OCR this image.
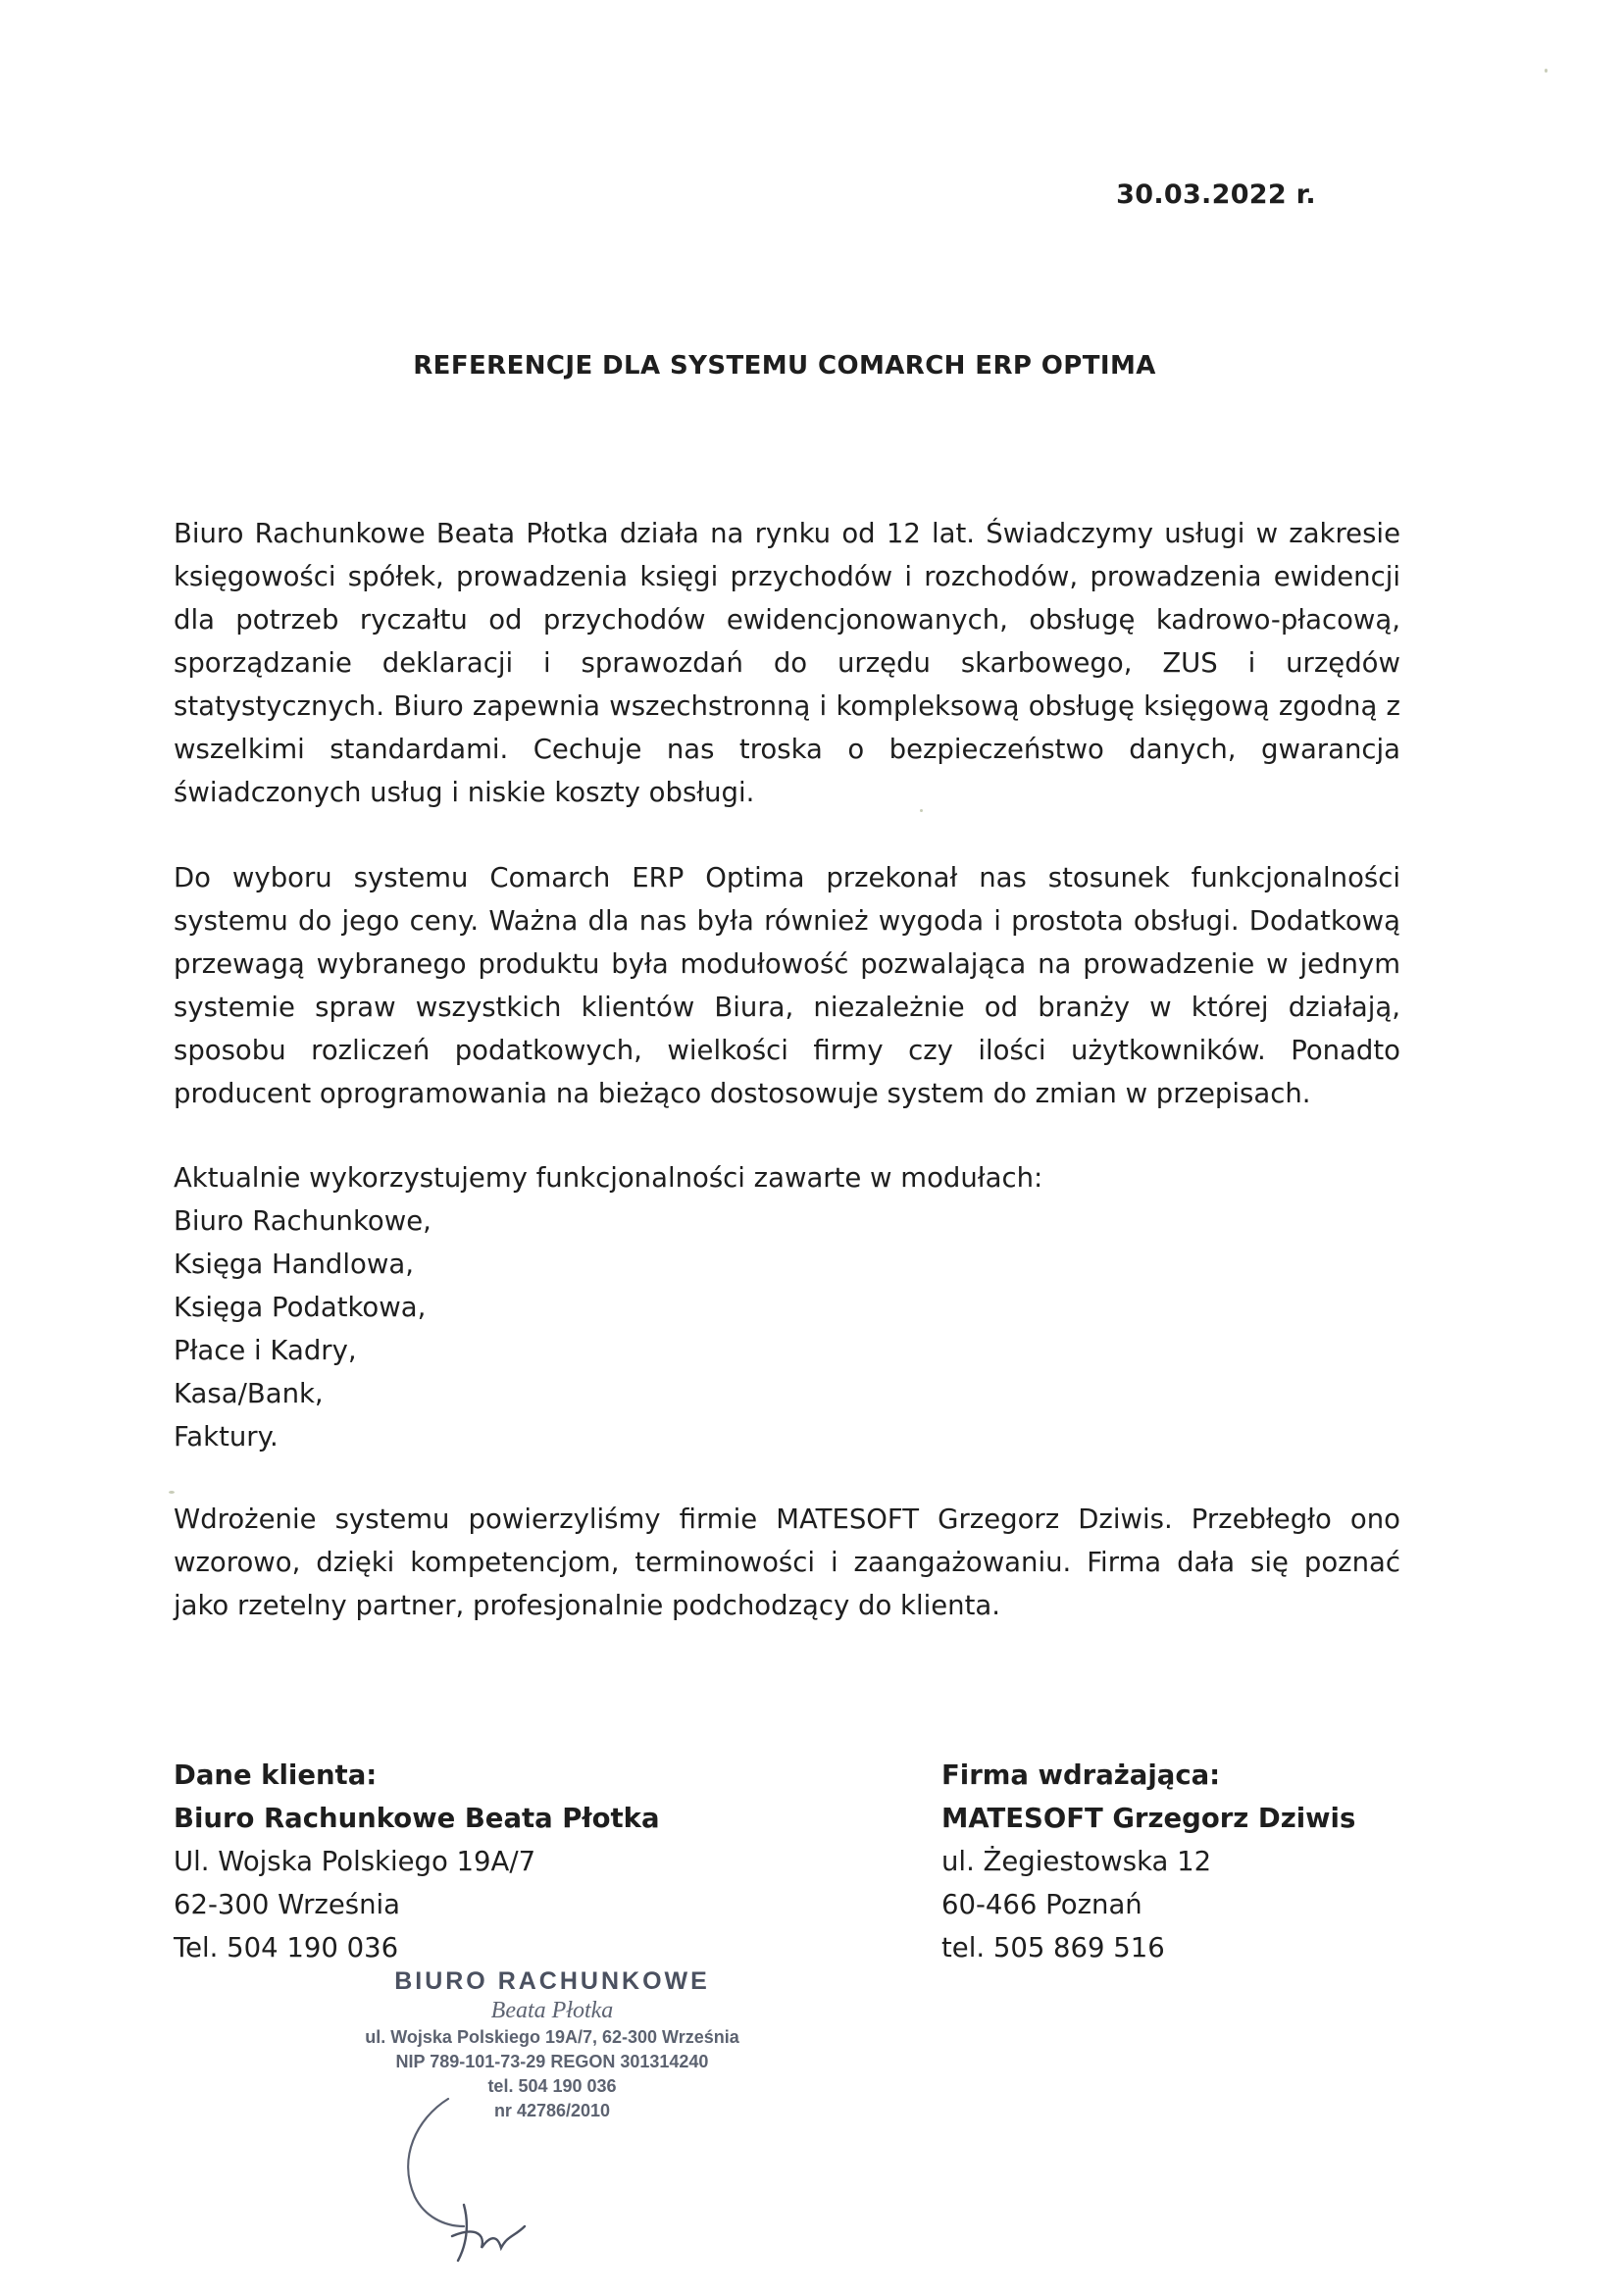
30.03.2022 r.
REFERENCJE DLA SYSTEMU COMARCH ERP OPTIMA

Biuro Rachunkowe Beata Płotka działa na rynku od 12 lat. Świadczymy usługi w zakresie księgowości spółek, prowadzenia księgi przychodów i rozchodów, prowadzenia ewidencji dla potrzeb ryczałtu od przychodów ewidencjonowanych, obsługę kadrowo-płacową, sporządzanie deklaracji i sprawozdań do urzędu skarbowego, ZUS i urzędów statystycznych. Biuro zapewnia wszechstronną i kompleksową obsługę księgową zgodną z wszelkimi standardami. Cechuje nas troska o bezpieczeństwo danych, gwarancja świadczonych usług i niskie koszty obsługi.

Do wyboru systemu Comarch ERP Optima przekonał nas stosunek funkcjonalności systemu do jego ceny. Ważna dla nas była również wygoda i prostota obsługi. Dodatkową przewagą wybranego produktu była modułowość pozwalająca na prowadzenie w jednym systemie spraw wszystkich klientów Biura, niezależnie od branży w której działają, sposobu rozliczeń podatkowych, wielkości firmy czy ilości użytkowników. Ponadto producent oprogramowania na bieżąco dostosowuje system do zmian w przepisach.

Aktualnie wykorzystujemy funkcjonalności zawarte w modułach:
Biuro Rachunkowe,
Księga Handlowa,
Księga Podatkowa,
Płace i Kadry,
Kasa/Bank,
Faktury.

Wdrożenie systemu powierzyliśmy firmie MATESOFT Grzegorz Dziwis. Przebłegło ono wzorowo, dzięki kompetencjom, terminowości i zaangażowaniu. Firma dała się poznać jako rzetelny partner, profesjonalnie podchodzący do klienta.

Dane klienta:
Biuro Rachunkowe Beata Płotka
Ul. Wojska Polskiego 19A/7
62-300 Września
Tel. 504 190 036
Firma wdrażająca:
MATESOFT Grzegorz Dziwis
ul. Żegiestowska 12
60-466 Poznań
tel. 505 869 516
BIURO RACHUNKOWE
Beata Płotka
ul. Wojska Polskiego 19A/7, 62-300 Września
NIP 789-101-73-29 REGON 301314240
tel. 504 190 036
nr 42786/2010
